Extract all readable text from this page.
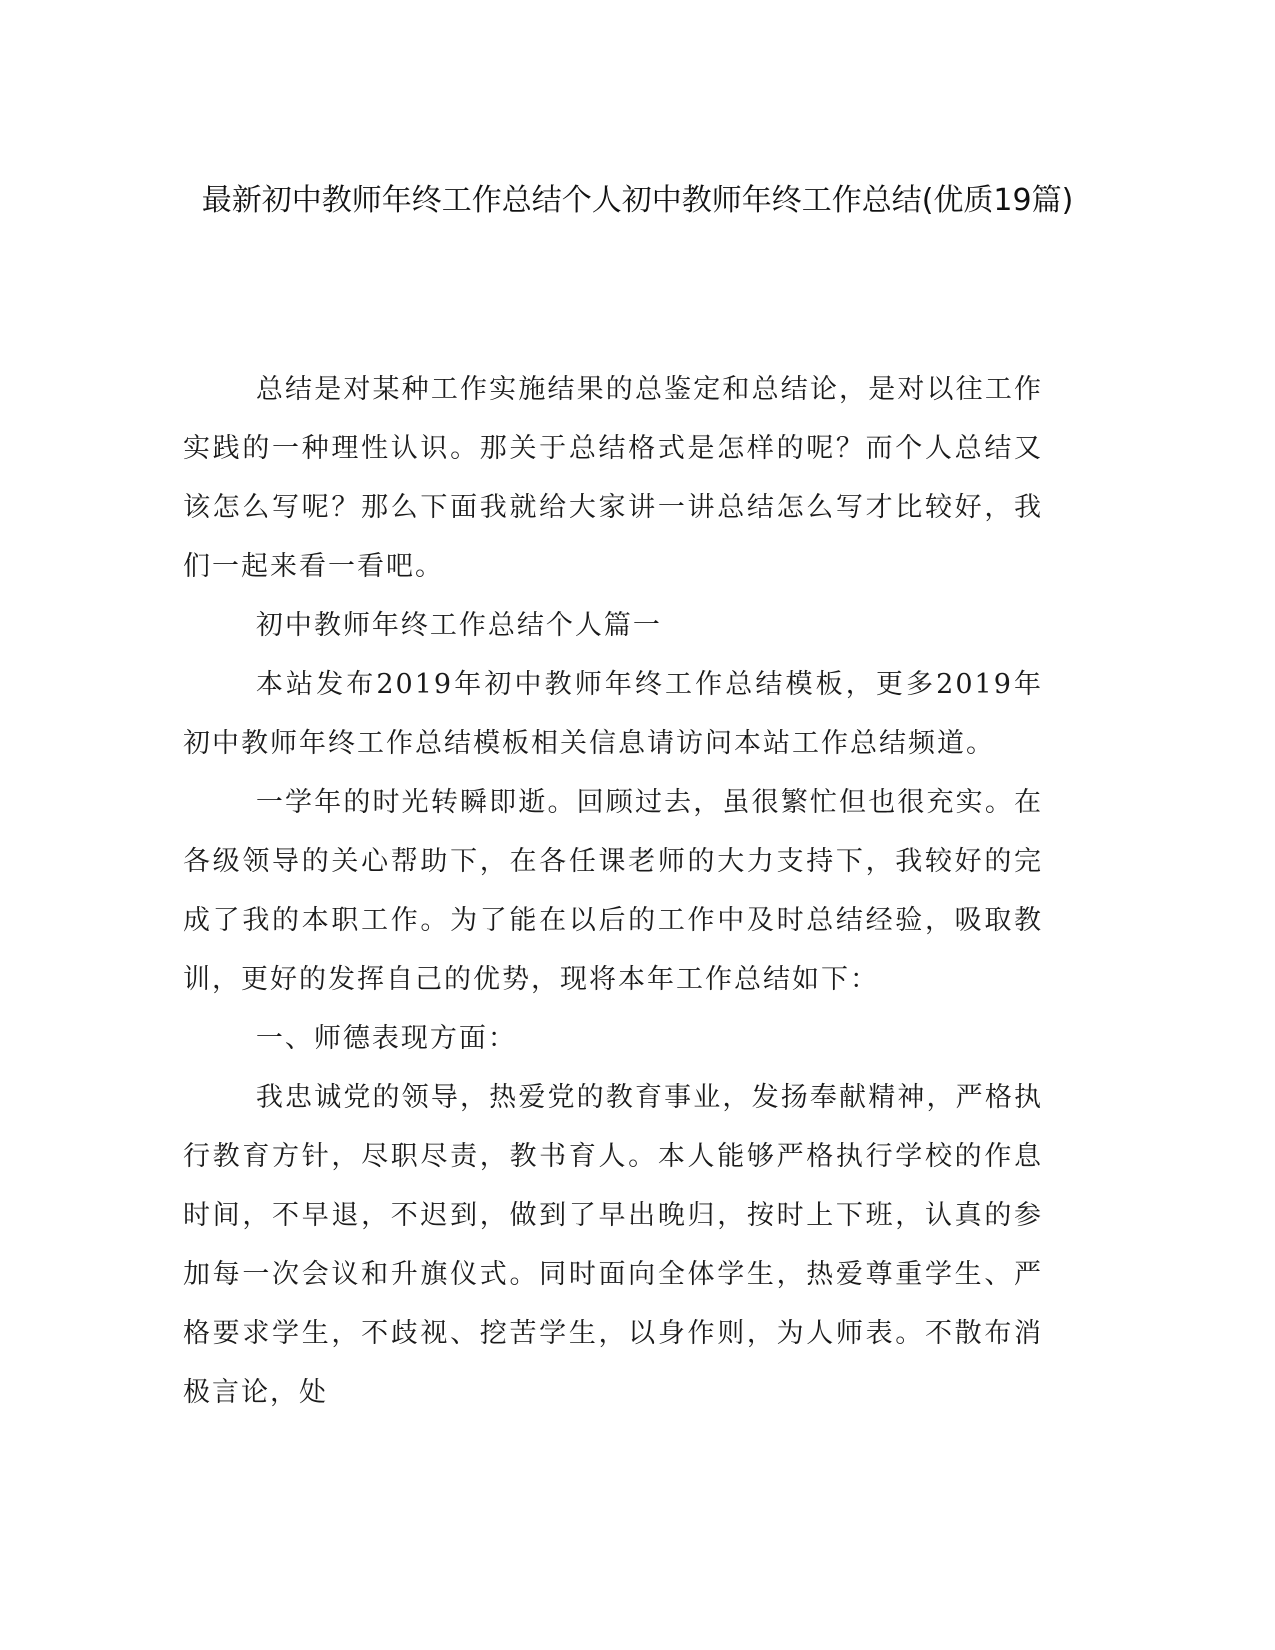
最新初中教师年终工作总结个人初中教师年终工作总结(优质19篇)

总结是对某种工作实施结果的总鉴定和总结论，是对以往工作实践的一种理性认识。那关于总结格式是怎样的呢？而个人总结又该怎么写呢？那么下面我就给大家讲一讲总结怎么写才比较好，我们一起来看一看吧。

初中教师年终工作总结个人篇一

本站发布2019年初中教师年终工作总结模板，更多2019年初中教师年终工作总结模板相关信息请访问本站工作总结频道。

一学年的时光转瞬即逝。回顾过去，虽很繁忙但也很充实。在各级领导的关心帮助下，在各任课老师的大力支持下，我较好的完成了我的本职工作。为了能在以后的工作中及时总结经验，吸取教训，更好的发挥自己的优势，现将本年工作总结如下：

一、师德表现方面：

我忠诚党的领导，热爱党的教育事业，发扬奉献精神，严格执行教育方针，尽职尽责，教书育人。本人能够严格执行学校的作息时间，不早退，不迟到，做到了早出晚归，按时上下班，认真的参加每一次会议和升旗仪式。同时面向全体学生，热爱尊重学生、严格要求学生，不歧视、挖苦学生，以身作则，为人师表。不散布消极言论，处
